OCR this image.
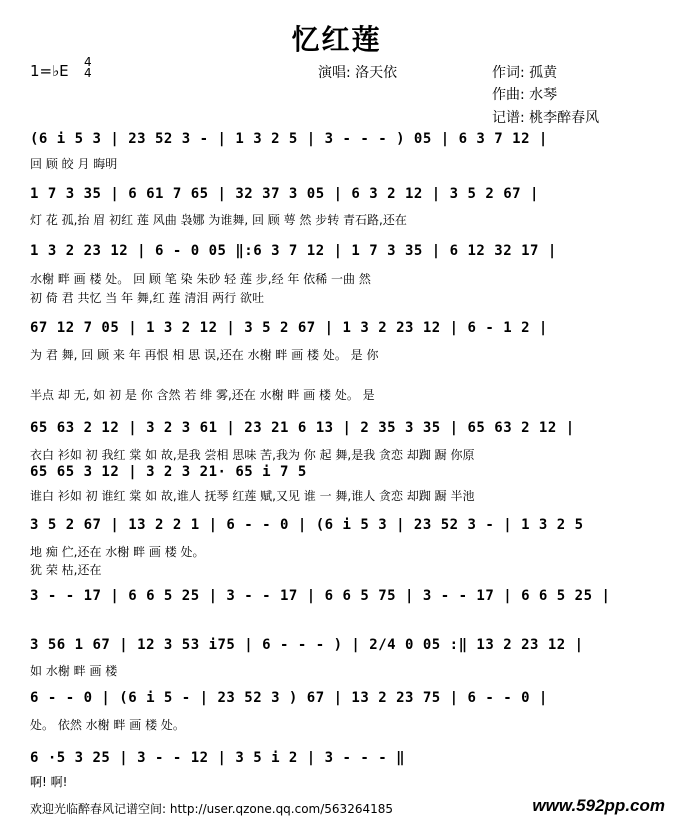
忆红莲
1=♭E 4
4	演唱: 洛天依	作词: 孤黄
作曲: 水琴
记谱: 桃李醉春风
(6 i 5 3 | 23 52 3 - | 1 3 2 5 | 3 - - - ) 05 | 6 3 7 12 |
回 顾 皎 月 晦明
1 7 3 35 | 6 61 7 65 | 32 37 3 05 | 6 3 2 12 | 3 5 2 67 |
灯 花 孤,抬 眉 初红 莲 风曲 袅娜 为谁舞, 回 顾 萼 然 步转 青石路,还在
1 3 2 23 12 | 6 - 0 05 ‖:6 3 7 12 | 1 7 3 35 | 6 12 32 17 |
水榭 畔 画 楼 处。 回 顾 笔 染 朱砂 轻 莲 步,经 年 依稀 一曲 然
初 倚 君 共忆 当 年 舞,红 莲 清泪 两行 欲吐
67 12 7 05 | 1 3 2 12 | 3 5 2 67 | 1 3 2 23 12 | 6 - 1 2 |
为 君 舞, 回 顾 来 年 再恨 相 思 误,还在 水榭 畔 画 楼 处。 是 你
半点 却 无, 如 初 是 你 含然 若 绯 雾,还在 水榭 畔 画 楼 处。 是
65 63 2 12 | 3 2 3 61 | 23 21 6 13 | 2 35 3 35 | 65 63 2 12 |
衣白 衫如 初 我红 棠 如 故,是我 尝相 思味 苦,我为 你 起 舞,是我 贪恋 却踟 蹰 你原
65 65 3 12 | 3 2 3 21· 65 i 7 5
谁白 衫如 初 谁红 棠 如 故,谁人 抚琴 红莲 赋,又见 谁 一 舞,谁人 贪恋 却踟 蹰 半池
3 5 2 67 | 13 2 2 1 | 6 - - 0 | (6 i 5 3 | 23 52 3 - | 1 3 2 5
地 痴 伫,还在 水榭 畔 画 楼 处。
犹 荣 枯,还在
3 - - 17 | 6 6 5 25 | 3 - - 17 | 6 6 5 75 | 3 - - 17 | 6 6 5 25 |
3 56 1 67 | 12 3 53 i75 | 6 - - - ) | 2/4 0 05 :‖ 13 2 23 12 |
如 水榭 畔 画 楼
6 - - 0 | (6 i 5 - | 23 52 3 ) 67 | 13 2 23 75 | 6 - - 0 |
处。 依然 水榭 畔 画 楼 处。
6 ·5 3 25 | 3 - - 12 | 3 5 i 2 | 3 - - - ‖
啊! 啊!
欢迎光临醉春风记谱空间: http://user.qzone.qq.com/563264185	www.592pp.com
